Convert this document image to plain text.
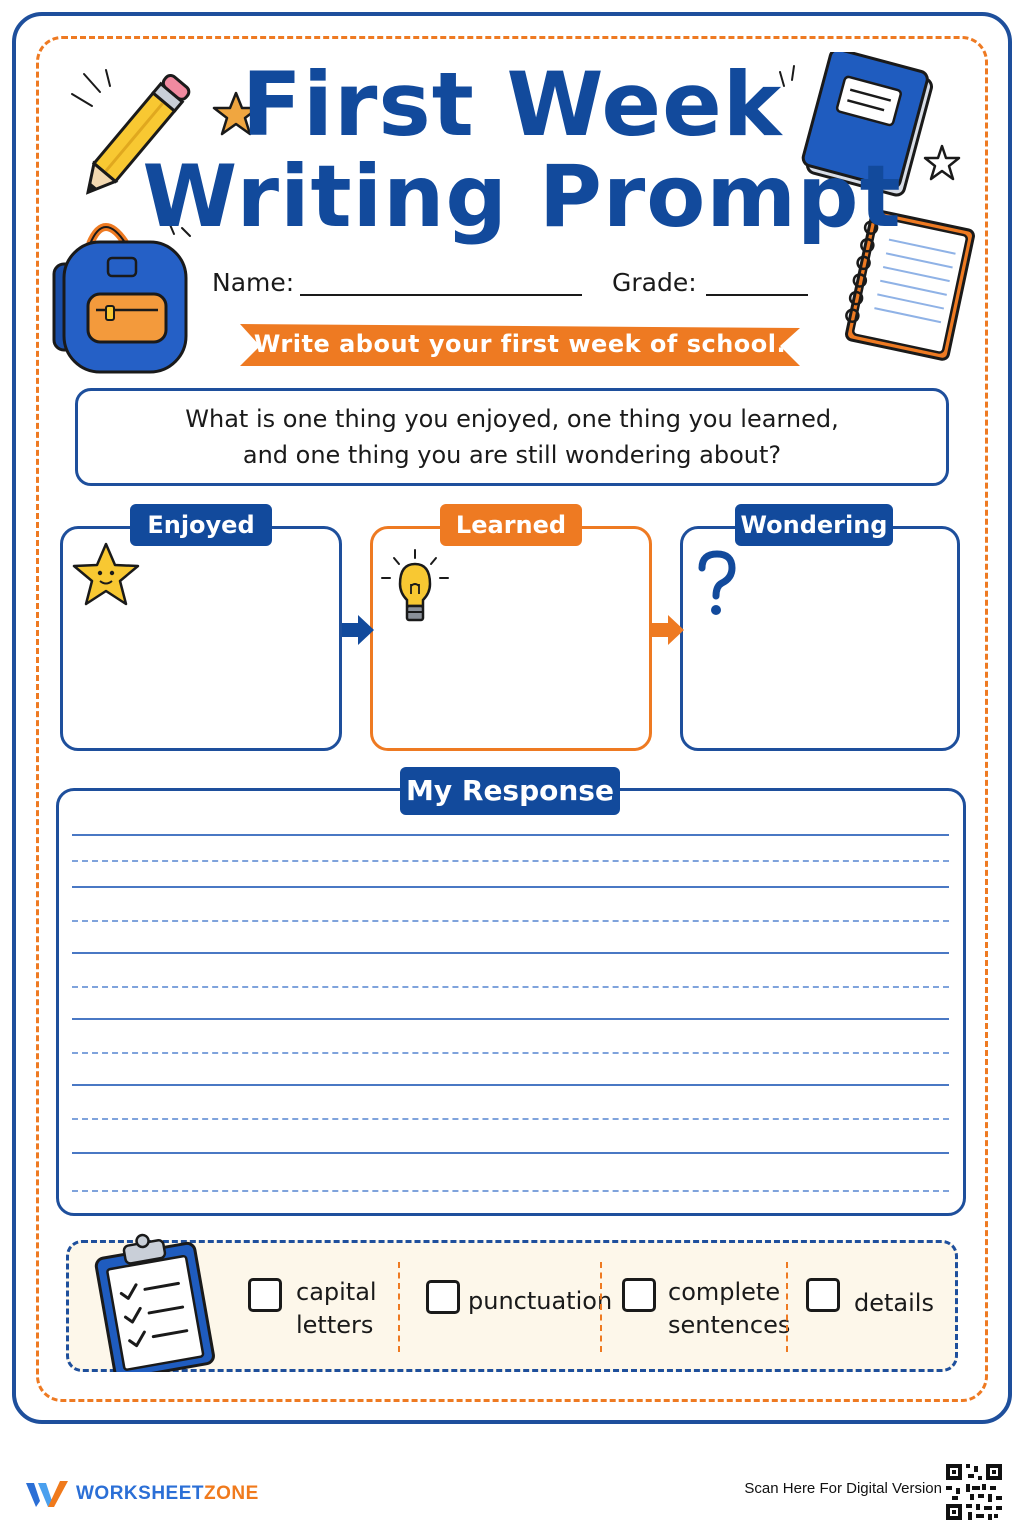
First Week
Writing Prompt
Name:	Grade:
Write about your first week of school.
What is one thing you enjoyed, one thing you learned,
and one thing you are still wondering about?
Enjoyed	Learned	Wondering
My Response
capital
letters
punctuation complete
sentences
details
WORKSHEETZONE	Scan Here For Digital Version
